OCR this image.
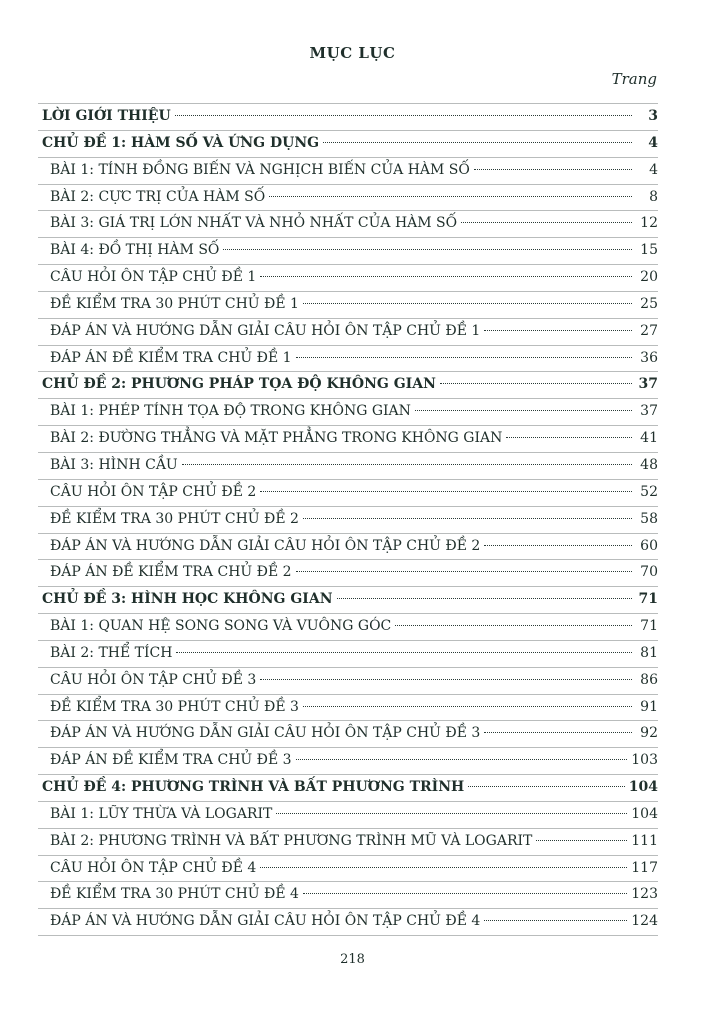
MỤC LỤC
Trang
LỜI GIỚI THIỆU	3
CHỦ ĐỀ 1: HÀM SỐ VÀ ỨNG DỤNG	4
BÀI 1: TÍNH ĐỒNG BIẾN VÀ NGHỊCH BIẾN CỦA HÀM SỐ	4
BÀI 2: CỰC TRỊ CỦA HÀM SỐ	8
BÀI 3: GIÁ TRỊ LỚN NHẤT VÀ NHỎ NHẤT CỦA HÀM SỐ	12
BÀI 4: ĐỒ THỊ HÀM SỐ	15
CÂU HỎI ÔN TẬP CHỦ ĐỀ 1	20
ĐỀ KIỂM TRA 30 PHÚT CHỦ ĐỀ 1	25
ĐÁP ÁN VÀ HƯỚNG DẪN GIẢI CÂU HỎI ÔN TẬP CHỦ ĐỀ 1	27
ĐÁP ÁN ĐỀ KIỂM TRA CHỦ ĐỀ 1	36
CHỦ ĐỀ 2: PHƯƠNG PHÁP TỌA ĐỘ KHÔNG GIAN	37
BÀI 1: PHÉP TÍNH TỌA ĐỘ TRONG KHÔNG GIAN	37
BÀI 2: ĐƯỜNG THẲNG VÀ MẶT PHẲNG TRONG KHÔNG GIAN	41
BÀI 3: HÌNH CẦU	48
CÂU HỎI ÔN TẬP CHỦ ĐỀ 2	52
ĐỀ KIỂM TRA 30 PHÚT CHỦ ĐỀ 2	58
ĐÁP ÁN VÀ HƯỚNG DẪN GIẢI CÂU HỎI ÔN TẬP CHỦ ĐỀ 2	60
ĐÁP ÁN ĐỀ KIỂM TRA CHỦ ĐỀ 2	70
CHỦ ĐỀ 3: HÌNH HỌC KHÔNG GIAN	71
BÀI 1: QUAN HỆ SONG SONG VÀ VUÔNG GÓC	71
BÀI 2: THỂ TÍCH	81
CÂU HỎI ÔN TẬP CHỦ ĐỀ 3	86
ĐỀ KIỂM TRA 30 PHÚT CHỦ ĐỀ 3	91
ĐÁP ÁN VÀ HƯỚNG DẪN GIẢI CÂU HỎI ÔN TẬP CHỦ ĐỀ 3	92
ĐÁP ÁN ĐỀ KIỂM TRA CHỦ ĐỀ 3	103
CHỦ ĐỀ 4: PHƯƠNG TRÌNH VÀ BẤT PHƯƠNG TRÌNH	104
BÀI 1: LŨY THỪA VÀ LOGARIT	104
BÀI 2: PHƯƠNG TRÌNH VÀ BẤT PHƯƠNG TRÌNH MŨ VÀ LOGARIT	111
CÂU HỎI ÔN TẬP CHỦ ĐỀ 4	117
ĐỀ KIỂM TRA 30 PHÚT CHỦ ĐỀ 4	123
ĐÁP ÁN VÀ HƯỚNG DẪN GIẢI CÂU HỎI ÔN TẬP CHỦ ĐỀ 4	124
218
